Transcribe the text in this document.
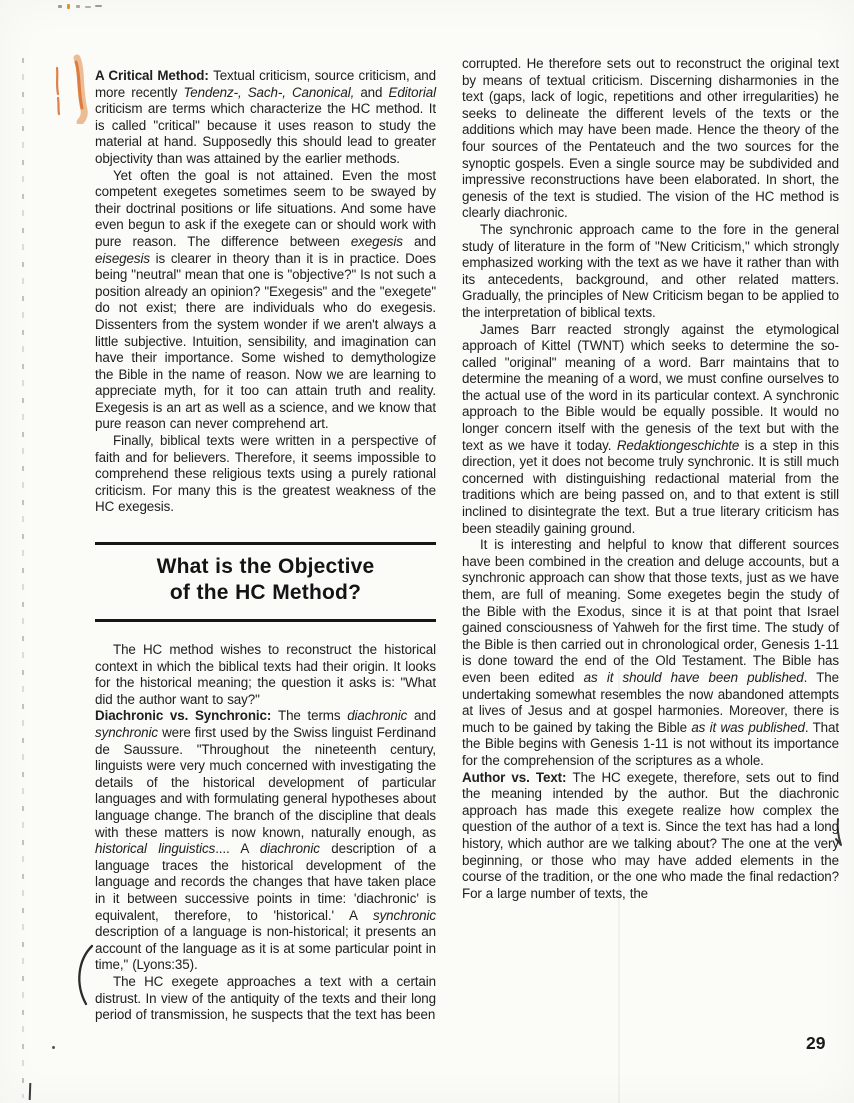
A Critical Method: Textual criticism, source criticism, and more recently Tendenz-, Sach-, Canonical, and Editorial criticism are terms which characterize the HC method. It is called "critical" because it uses reason to study the material at hand. Supposedly this should lead to greater objectivity than was attained by the earlier methods.

Yet often the goal is not attained. Even the most competent exegetes sometimes seem to be swayed by their doctrinal positions or life situations. And some have even begun to ask if the exegete can or should work with pure reason. The difference between exegesis and eisegesis is clearer in theory than it is in practice. Does being "neutral" mean that one is "objective?" Is not such a position already an opinion? "Exegesis" and the "exegete" do not exist; there are individuals who do exegesis. Dissenters from the system wonder if we aren't always a little subjective. Intuition, sensibility, and imagination can have their importance. Some wished to demythologize the Bible in the name of reason. Now we are learning to appreciate myth, for it too can attain truth and reality. Exegesis is an art as well as a science, and we know that pure reason can never comprehend art.

Finally, biblical texts were written in a perspective of faith and for believers. Therefore, it seems impossible to comprehend these religious texts using a purely rational criticism. For many this is the greatest weakness of the HC exegesis.

What is the Objective
of the HC Method?

The HC method wishes to reconstruct the historical context in which the biblical texts had their origin. It looks for the historical meaning; the question it asks is: "What did the author want to say?"

Diachronic vs. Synchronic: The terms diachronic and synchronic were first used by the Swiss linguist Ferdinand de Saussure. "Throughout the nineteenth century, linguists were very much concerned with investigating the details of the historical development of particular languages and with formulating general hypotheses about language change. The branch of the discipline that deals with these matters is now known, naturally enough, as historical linguistics.... A diachronic description of a language traces the historical development of the language and records the changes that have taken place in it between successive points in time: 'diachronic' is equivalent, therefore, to 'historical.' A synchronic description of a language is non-historical; it presents an account of the language as it is at some particular point in time," (Lyons:35).

The HC exegete approaches a text with a certain distrust. In view of the antiquity of the texts and their long period of transmission, he suspects that the text has been

corrupted. He therefore sets out to reconstruct the original text by means of textual criticism. Discerning disharmonies in the text (gaps, lack of logic, repetitions and other irregularities) he seeks to delineate the different levels of the texts or the additions which may have been made. Hence the theory of the four sources of the Pentateuch and the two sources for the synoptic gospels. Even a single source may be subdivided and impressive reconstructions have been elaborated. In short, the genesis of the text is studied. The vision of the HC method is clearly diachronic.

The synchronic approach came to the fore in the general study of literature in the form of "New Criticism," which strongly emphasized working with the text as we have it rather than with its antecedents, background, and other related matters. Gradually, the principles of New Criticism began to be applied to the interpretation of biblical texts.

James Barr reacted strongly against the etymological approach of Kittel (TWNT) which seeks to determine the so-called "original" meaning of a word. Barr maintains that to determine the meaning of a word, we must confine ourselves to the actual use of the word in its particular context. A synchronic approach to the Bible would be equally possible. It would no longer concern itself with the genesis of the text but with the text as we have it today. Redaktiongeschichte is a step in this direction, yet it does not become truly synchronic. It is still much concerned with distinguishing redactional material from the traditions which are being passed on, and to that extent is still inclined to disintegrate the text. But a true literary criticism has been steadily gaining ground.

It is interesting and helpful to know that different sources have been combined in the creation and deluge accounts, but a synchronic approach can show that those texts, just as we have them, are full of meaning. Some exegetes begin the study of the Bible with the Exodus, since it is at that point that Israel gained consciousness of Yahweh for the first time. The study of the Bible is then carried out in chronological order, Genesis 1-11 is done toward the end of the Old Testament. The Bible has even been edited as it should have been published. The undertaking somewhat resembles the now abandoned attempts at lives of Jesus and at gospel harmonies. Moreover, there is much to be gained by taking the Bible as it was published. That the Bible begins with Genesis 1-11 is not without its importance for the comprehension of the scriptures as a whole.

Author vs. Text: The HC exegete, therefore, sets out to find the meaning intended by the author. But the diachronic approach has made this exegete realize how complex the question of the author of a text is. Since the text has had a long history, which author are we talking about? The one at the very beginning, or those who may have added elements in the course of the tradition, or the one who made the final redaction? For a large number of texts, the

29
